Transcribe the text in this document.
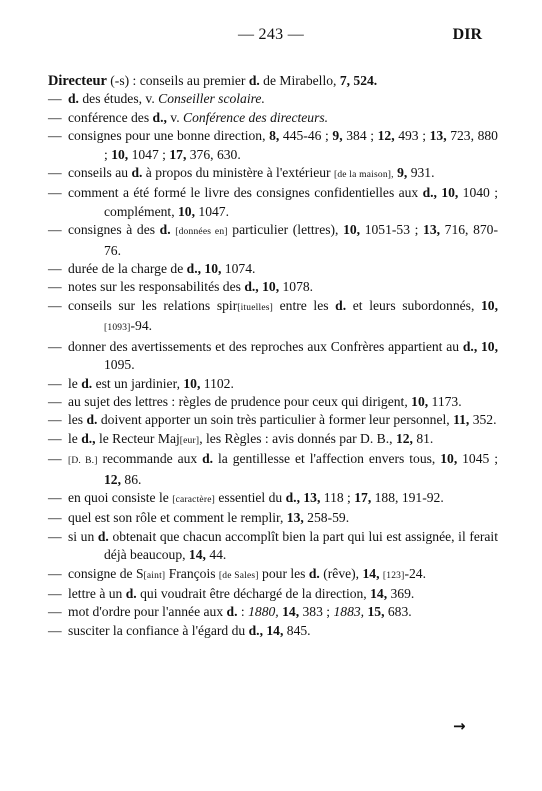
— 243 —	DIR
Directeur (-s) : conseils au premier d. de Mirabello, 7, 524.
— d. des études, v. Conseiller scolaire.
— conférence des d., v. Conférence des directeurs.
— consignes pour une bonne direction, 8, 445-46 ; 9, 384 ; 12, 493 ; 13, 723, 880 ; 10, 1047 ; 17, 376, 630.
— conseils au d. à propos du ministère à l'extérieur [de la maison], 9, 931.
— comment a été formé le livre des consignes confidentielles aux d., 10, 1040 ; complément, 10, 1047.
— consignes à des d. [données en] particulier (lettres), 10, 1051-53 ; 13, 716, 870-76.
— durée de la charge de d., 10, 1074.
— notes sur les responsabilités des d., 10, 1078.
— conseils sur les relations spir[ituelles] entre les d. et leurs subordonnés, 10, [1093]-94.
— donner des avertissements et des reproches aux Confrères appartient au d., 10, 1095.
— le d. est un jardinier, 10, 1102.
— au sujet des lettres : règles de prudence pour ceux qui dirigent, 10, 1173.
— les d. doivent apporter un soin très particulier à former leur personnel, 11, 352.
— le d., le Recteur Maj[eur], les Règles : avis donnés par D. B., 12, 81.
— [D. B.] recommande aux d. la gentillesse et l'affection envers tous, 10, 1045 ; 12, 86.
— en quoi consiste le [caractère] essentiel du d., 13, 118 ; 17, 188, 191-92.
— quel est son rôle et comment le remplir, 13, 258-59.
— si un d. obtenait que chacun accomplît bien la part qui lui est assignée, il ferait déjà beaucoup, 14, 44.
— consigne de S[aint] François [de Sales] pour les d. (rêve), 14, [123]-24.
— lettre à un d. qui voudrait être déchargé de la direction, 14, 369.
— mot d'ordre pour l'année aux d. : 1880, 14, 383 ; 1883, 15, 683.
— susciter la confiance à l'égard du d., 14, 845.
→
